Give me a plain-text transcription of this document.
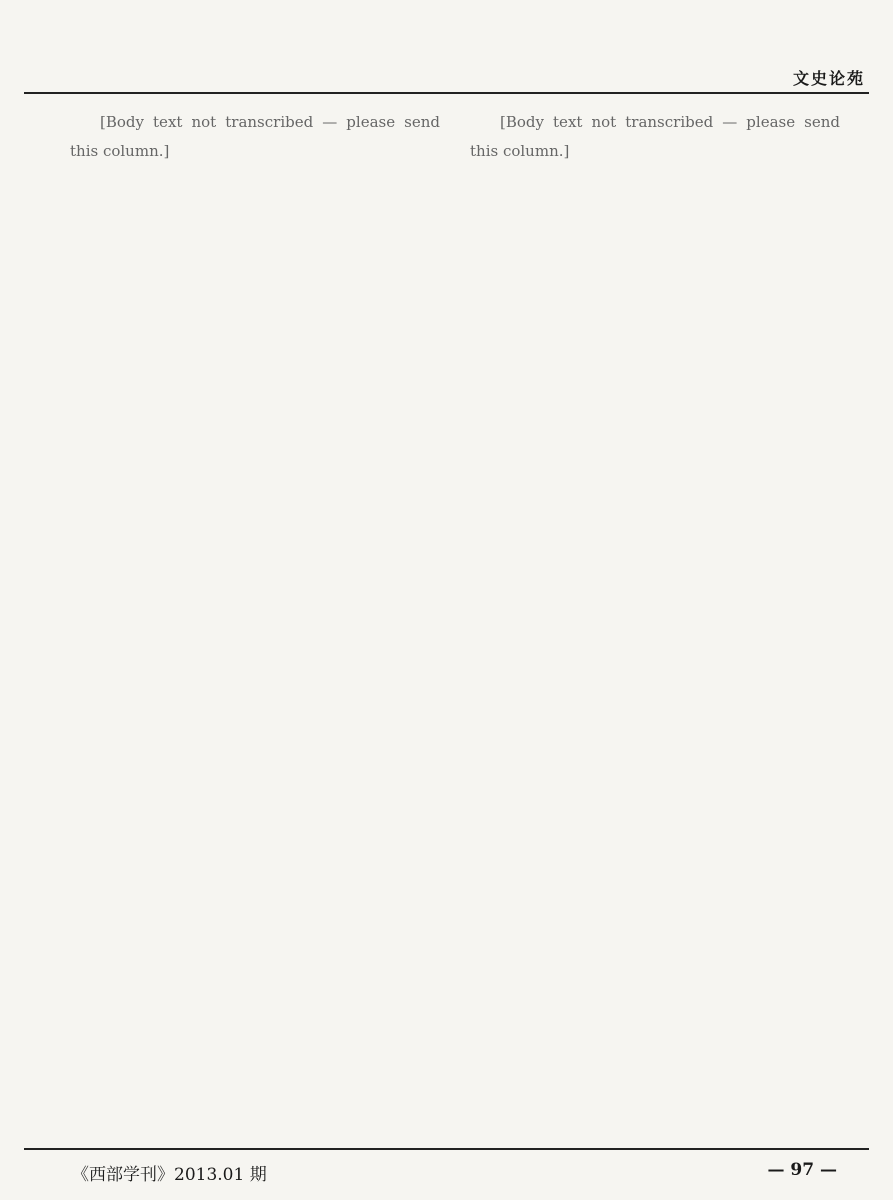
文史论苑

[Body text not transcribed — please send this column.]

[Body text not transcribed — please send this column.]

《西部学刊》2013.01 期	— 97 —
